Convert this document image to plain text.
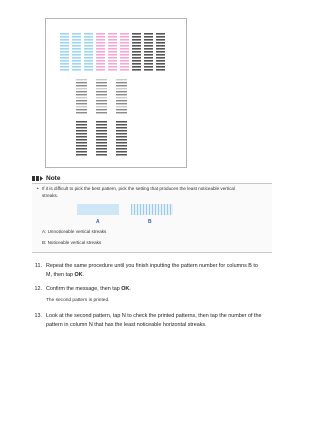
Note
• If it is difficult to pick the best pattern, pick the setting that produces the least noticeable vertical
streaks.
A	B
A: Unnoticeable vertical streaks
B: Noticeable vertical streaks
11. Repeat the same procedure until you finish inputting the pattern number for columns B to
M, then tap OK.
12. Confirm the message, then tap OK.
The second pattern is printed.
13. Look at the second pattern, tap N to check the printed patterns, then tap the number of the
pattern in column N that has the least noticeable horizontal streaks.
